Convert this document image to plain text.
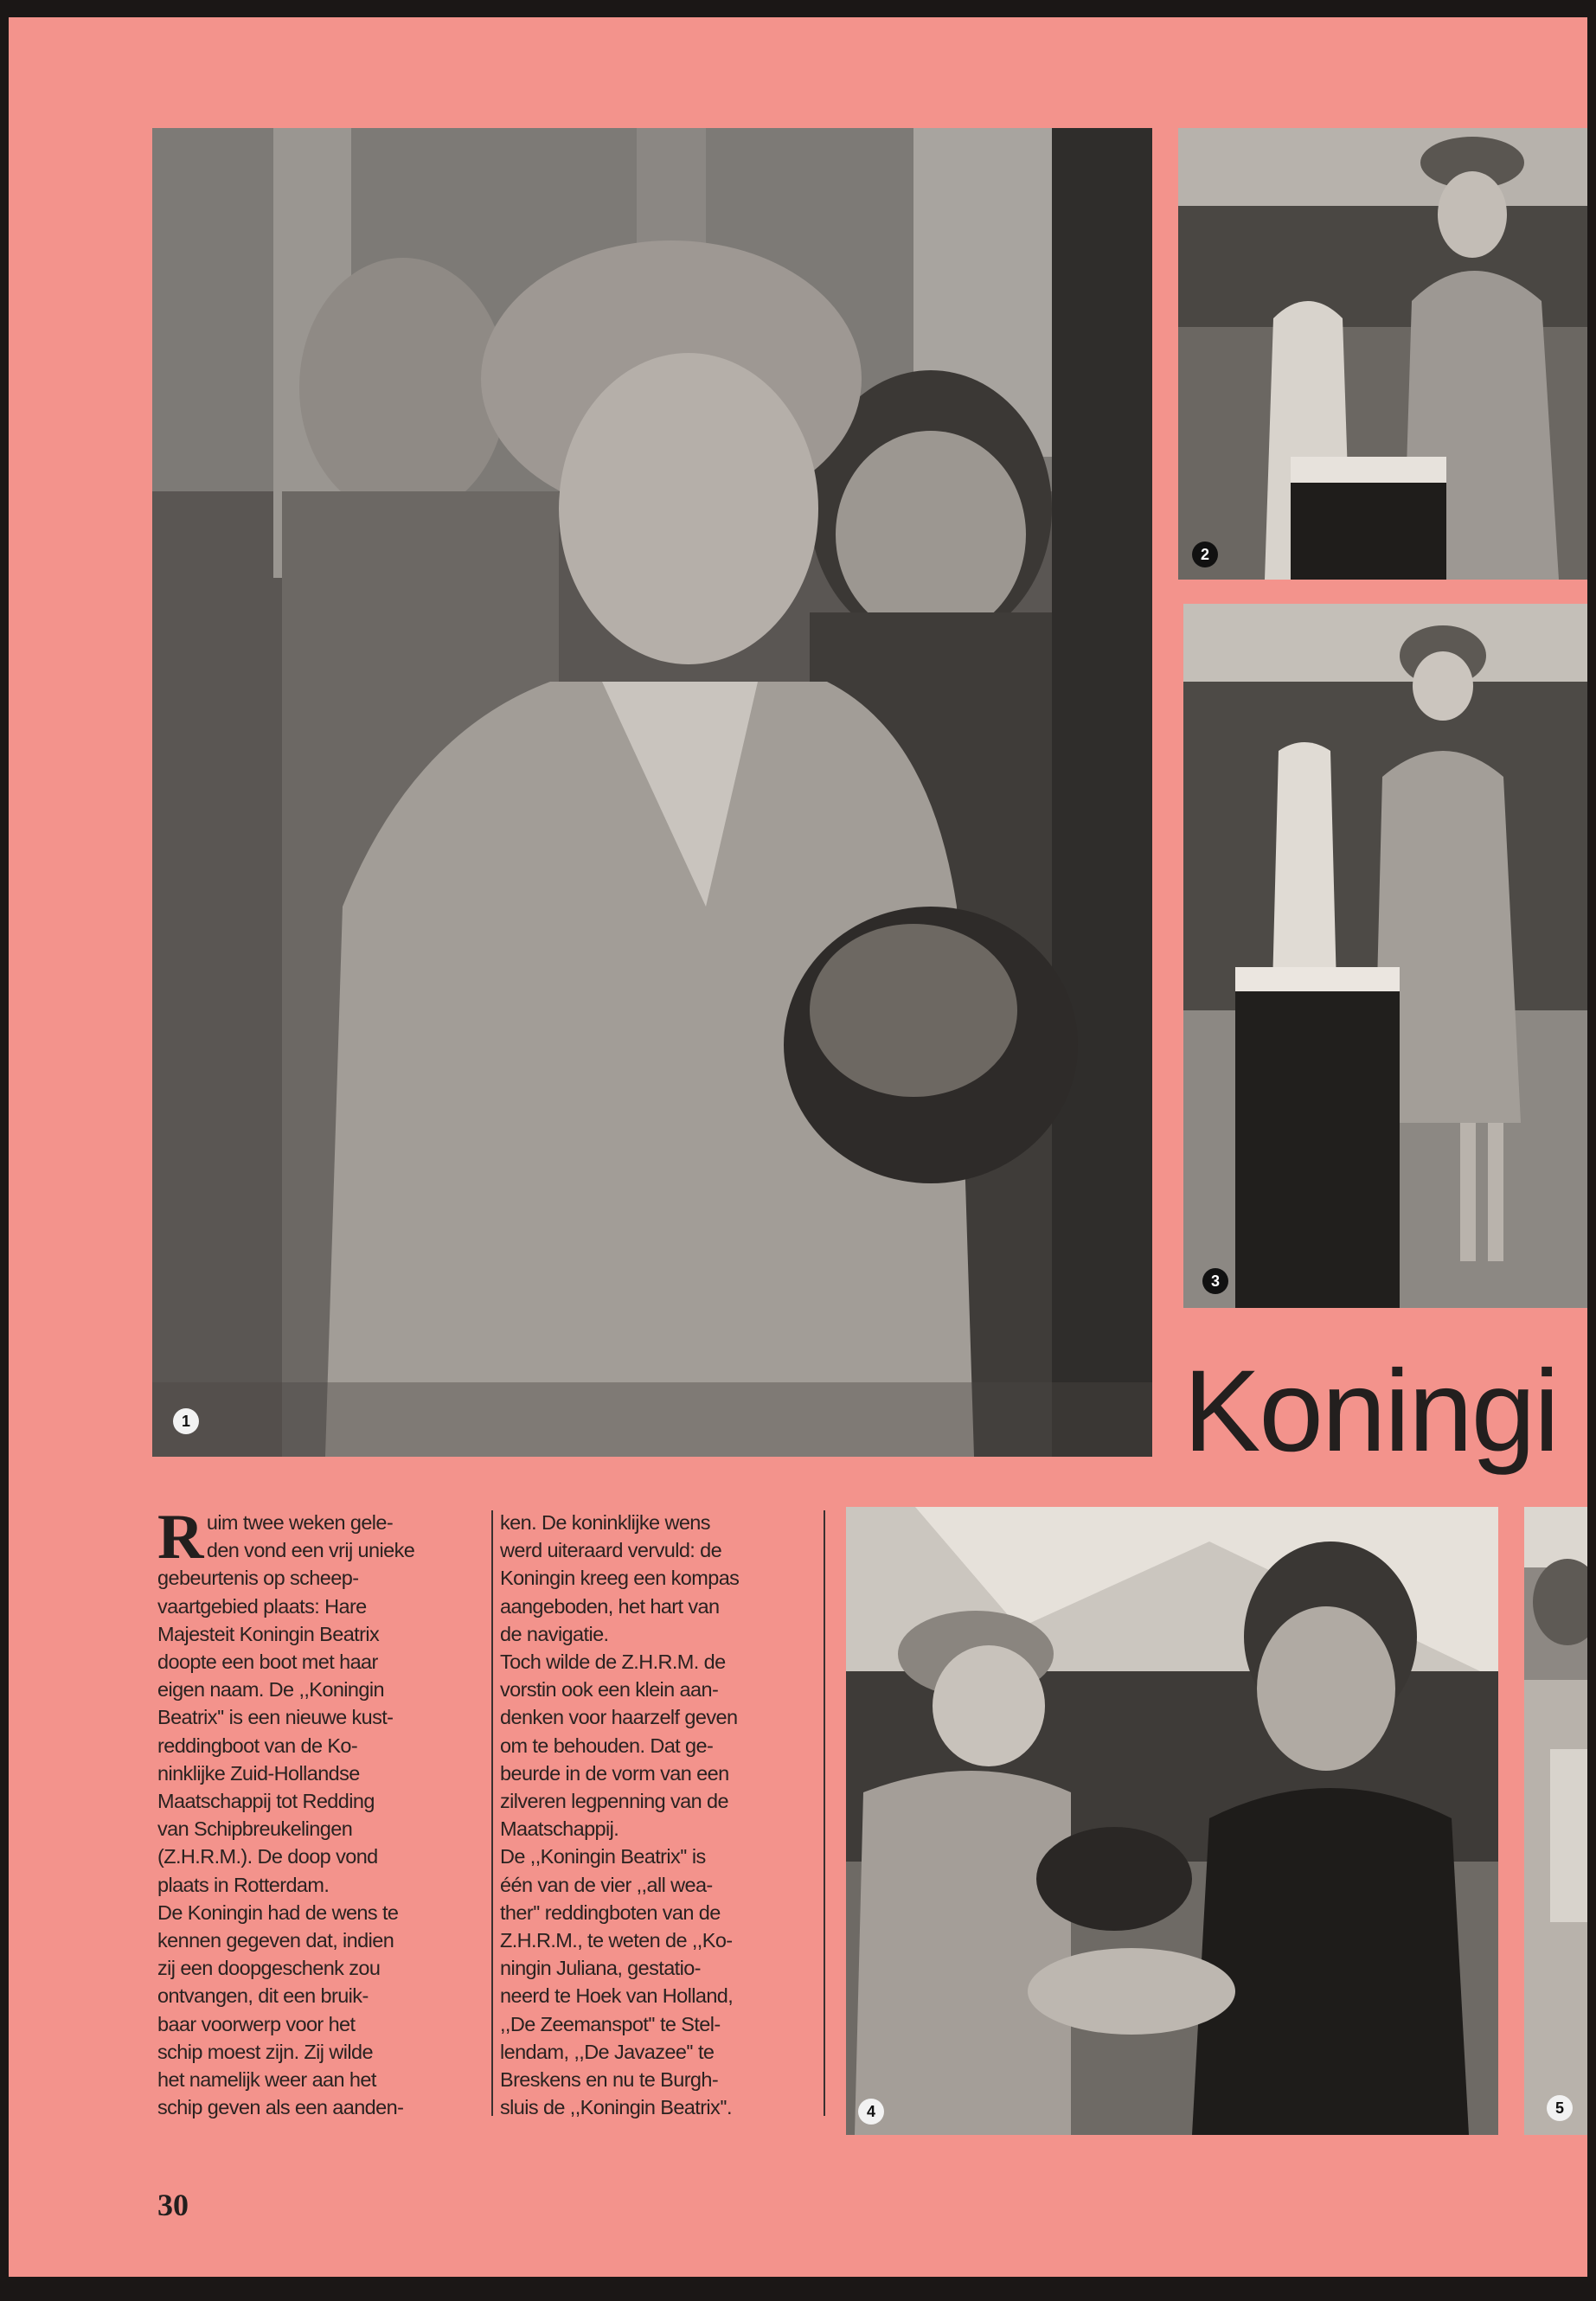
1
2
3
Koningi
R uim twee weken gele-

den vond een vrij unieke

gebeurtenis op scheep-

vaartgebied plaats: Hare

Majesteit Koningin Beatrix

doopte een boot met haar

eigen naam. De ,,Koningin

Beatrix'' is een nieuwe kust-

reddingboot van de Ko-

ninklijke Zuid-Hollandse

Maatschappij tot Redding

van Schipbreukelingen

(Z.H.R.M.). De doop vond

plaats in Rotterdam.

De Koningin had de wens te

kennen gegeven dat, indien

zij een doopgeschenk zou

ontvangen, dit een bruik-

baar voorwerp voor het

schip moest zijn. Zij wilde

het namelijk weer aan het

schip geven als een aanden-

ken. De koninklijke wens

werd uiteraard vervuld: de

Koningin kreeg een kompas

aangeboden, het hart van

de navigatie.

Toch wilde de Z.H.R.M. de

vorstin ook een klein aan-

denken voor haarzelf geven

om te behouden. Dat ge-

beurde in de vorm van een

zilveren legpenning van de

Maatschappij.

De ,,Koningin Beatrix'' is

één van de vier ,,all wea-

ther'' reddingboten van de

Z.H.R.M., te weten de ,,Ko-

ningin Juliana, gestatio-

neerd te Hoek van Holland,

,,De Zeemanspot'' te Stel-

lendam, ,,De Javazee'' te

Breskens en nu te Burgh-

sluis de ,,Koningin Beatrix''.	4	5
30
